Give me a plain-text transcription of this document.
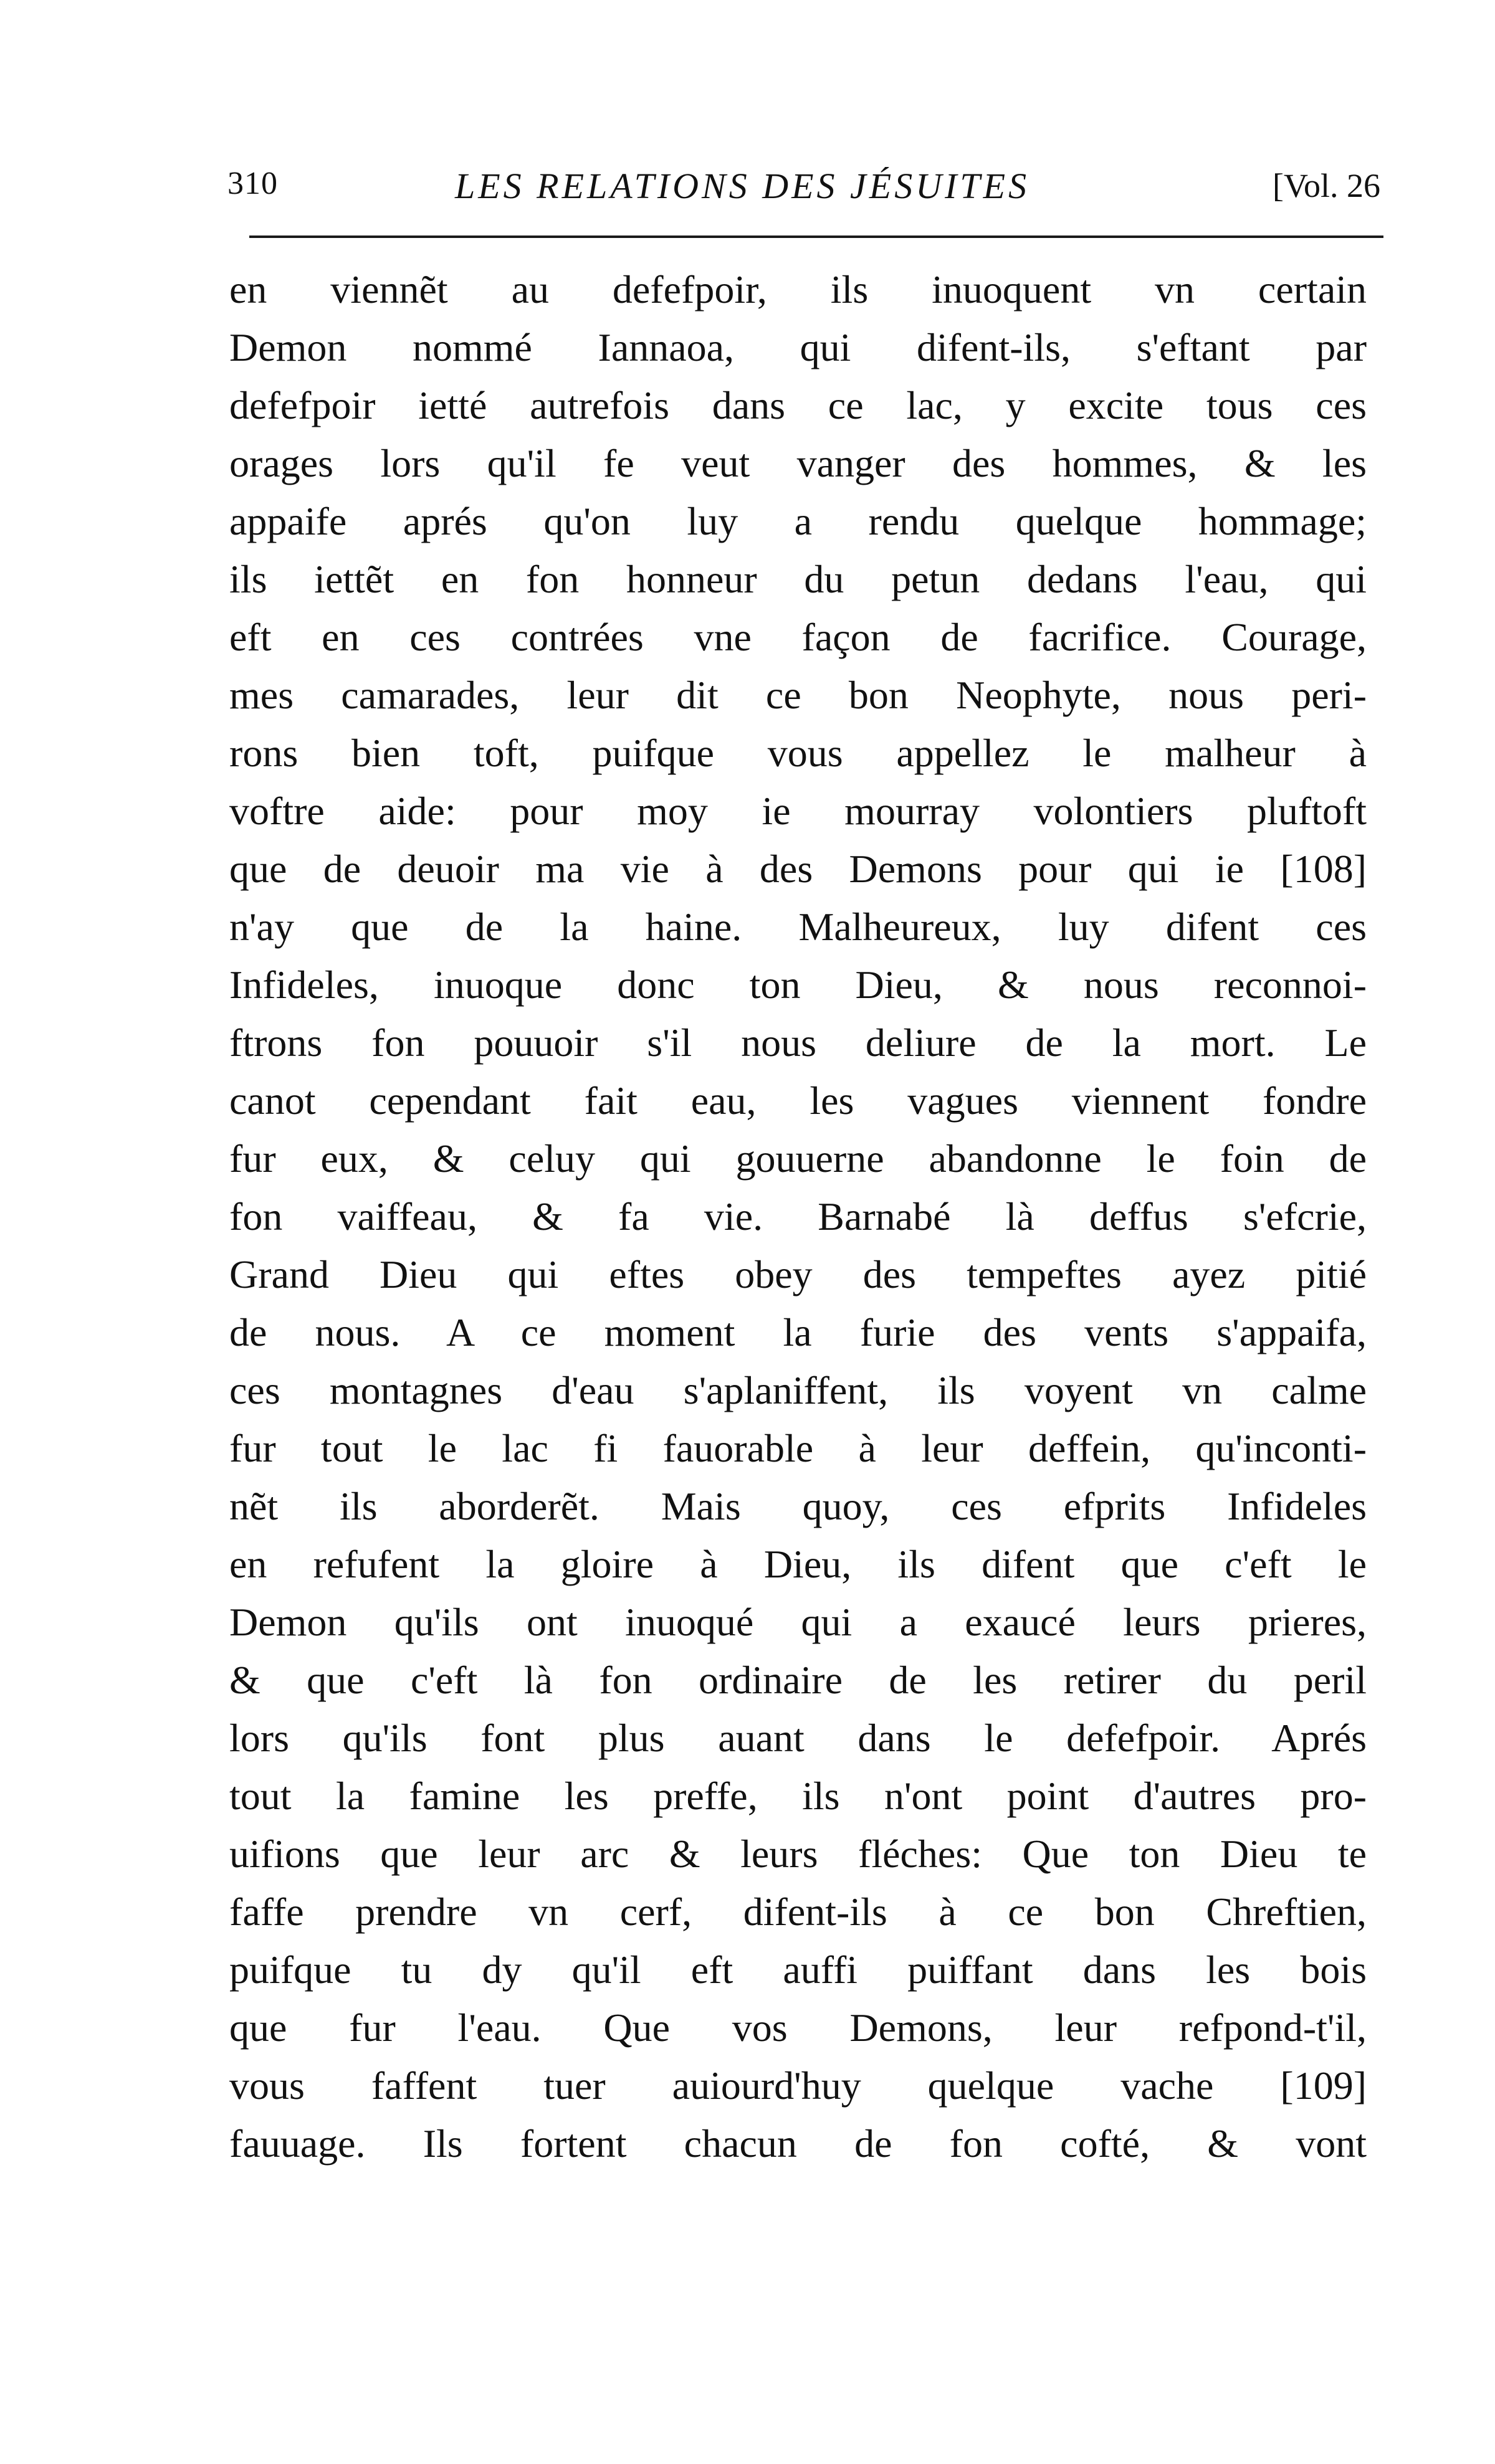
310	LES RELATIONS DES JÉSUITES	[Vol. 26
en viennẽt au defefpoir, ils inuoquent vn certain
Demon nommé Iannaoa, qui difent-ils, s'eftant par
defefpoir ietté autrefois dans ce lac, y excite tous ces
orages lors qu'il fe veut vanger des hommes, & les
appaife aprés qu'on luy a rendu quelque hommage;
ils iettẽt en fon honneur du petun dedans l'eau, qui
eft en ces contrées vne façon de facrifice. Courage,
mes camarades, leur dit ce bon Neophyte, nous peri-
rons bien toft, puifque vous appellez le malheur à
voftre aide: pour moy ie mourray volontiers pluftoft
que de deuoir ma vie à des Demons pour qui ie [108]
n'ay que de la haine. Malheureux, luy difent ces
Infideles, inuoque donc ton Dieu, & nous reconnoi-
ftrons fon pouuoir s'il nous deliure de la mort. Le
canot cependant fait eau, les vagues viennent fondre
fur eux, & celuy qui gouuerne abandonne le foin de
fon vaiffeau, & fa vie. Barnabé là deffus s'efcrie,
Grand Dieu qui eftes obey des tempeftes ayez pitié
de nous. A ce moment la furie des vents s'appaifa,
ces montagnes d'eau s'aplaniffent, ils voyent vn calme
fur tout le lac fi fauorable à leur deffein, qu'inconti-
nẽt ils aborderẽt. Mais quoy, ces efprits Infideles
en refufent la gloire à Dieu, ils difent que c'eft le
Demon qu'ils ont inuoqué qui a exaucé leurs prieres,
& que c'eft là fon ordinaire de les retirer du peril
lors qu'ils font plus auant dans le defefpoir. Aprés
tout la famine les preffe, ils n'ont point d'autres pro-
uifions que leur arc & leurs fléches: Que ton Dieu te
faffe prendre vn cerf, difent-ils à ce bon Chreftien,
puifque tu dy qu'il eft auffi puiffant dans les bois
que fur l'eau. Que vos Demons, leur refpond-t'il,
vous faffent tuer auiourd'huy quelque vache [109]
fauuage. Ils fortent chacun de fon cofté, & vont
